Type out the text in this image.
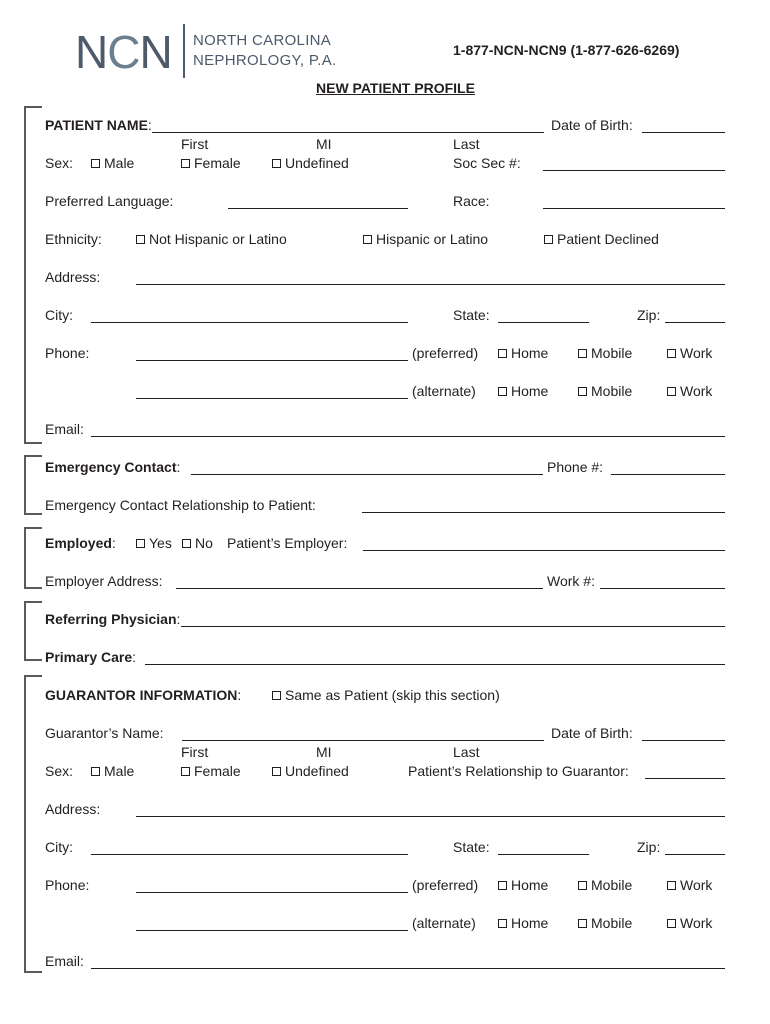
NCN NORTH CAROLINA
NEPHROLOGY, P.A.
1-877-NCN-NCN9 (1-877-626-6269)
NEW PATIENT PROFILE
PATIENT NAME:	Date of Birth:
First	MI	Last
Sex:	Male	Female	Undefined	Soc Sec #:
Preferred Language:	Race:
Ethnicity:	Not Hispanic or Latino	Hispanic or Latino	Patient Declined
Address:
City:	State:	Zip:
Phone:	(preferred)	Home	Mobile	Work
(alternate)	Home	Mobile	Work
Email:
Emergency Contact:	Phone #:
Emergency Contact Relationship to Patient:
Employed:	Yes	No Patient’s Employer:
Employer Address:	Work #:
Referring Physician:
Primary Care:
GUARANTOR INFORMATION:	Same as Patient (skip this section)
Guarantor’s Name:	Date of Birth:
First	MI	Last
Sex:	Male	Female	Undefined	Patient’s Relationship to Guarantor:
Address:
City:	State:	Zip:
Phone:	(preferred)	Home	Mobile	Work
(alternate)	Home	Mobile	Work
Email:
